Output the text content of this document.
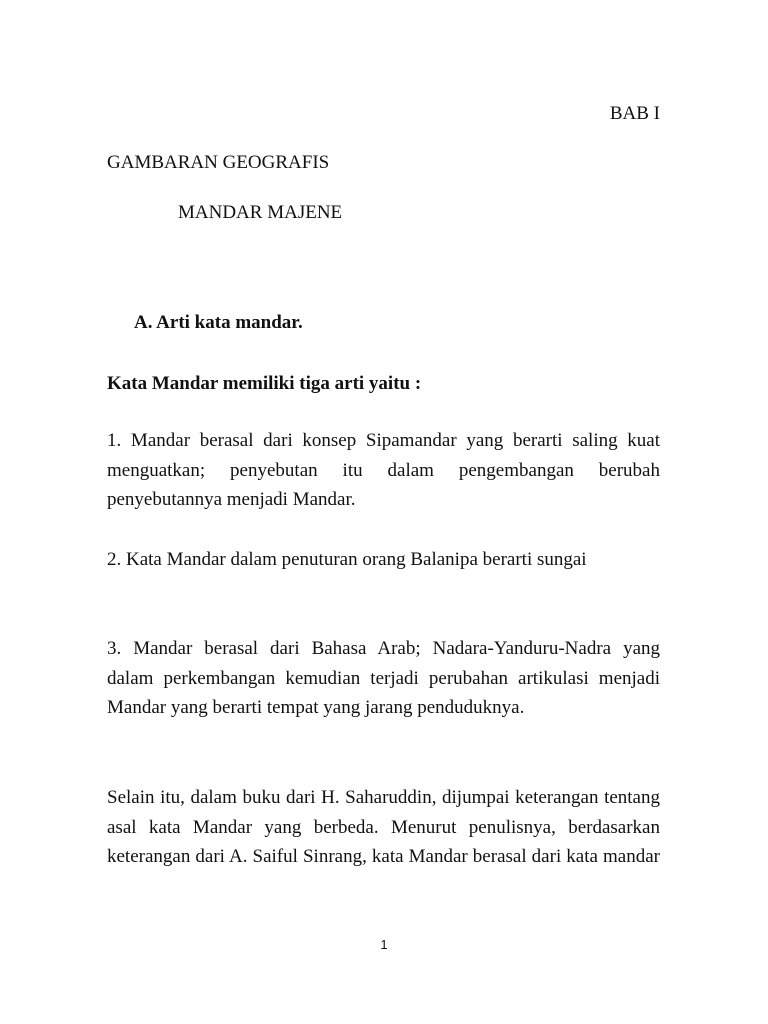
BAB I
GAMBARAN GEOGRAFIS
MANDAR MAJENE
A. Arti kata mandar.
Kata Mandar memiliki tiga arti yaitu :

1. Mandar berasal dari konsep Sipamandar yang berarti saling kuat menguatkan; penyebutan itu dalam pengembangan berubah penyebutannya menjadi Mandar.

2. Kata Mandar dalam penuturan orang Balanipa berarti sungai

3. Mandar berasal dari Bahasa Arab; Nadara-Yanduru-Nadra yang dalam perkembangan kemudian terjadi perubahan artikulasi menjadi Mandar yang berarti tempat yang jarang penduduknya.

Selain itu, dalam buku dari H. Saharuddin, dijumpai keterangan tentang asal kata Mandar yang berbeda. Menurut penulisnya, berdasarkan keterangan dari A. Saiful Sinrang, kata Mandar berasal dari kata mandar

1
